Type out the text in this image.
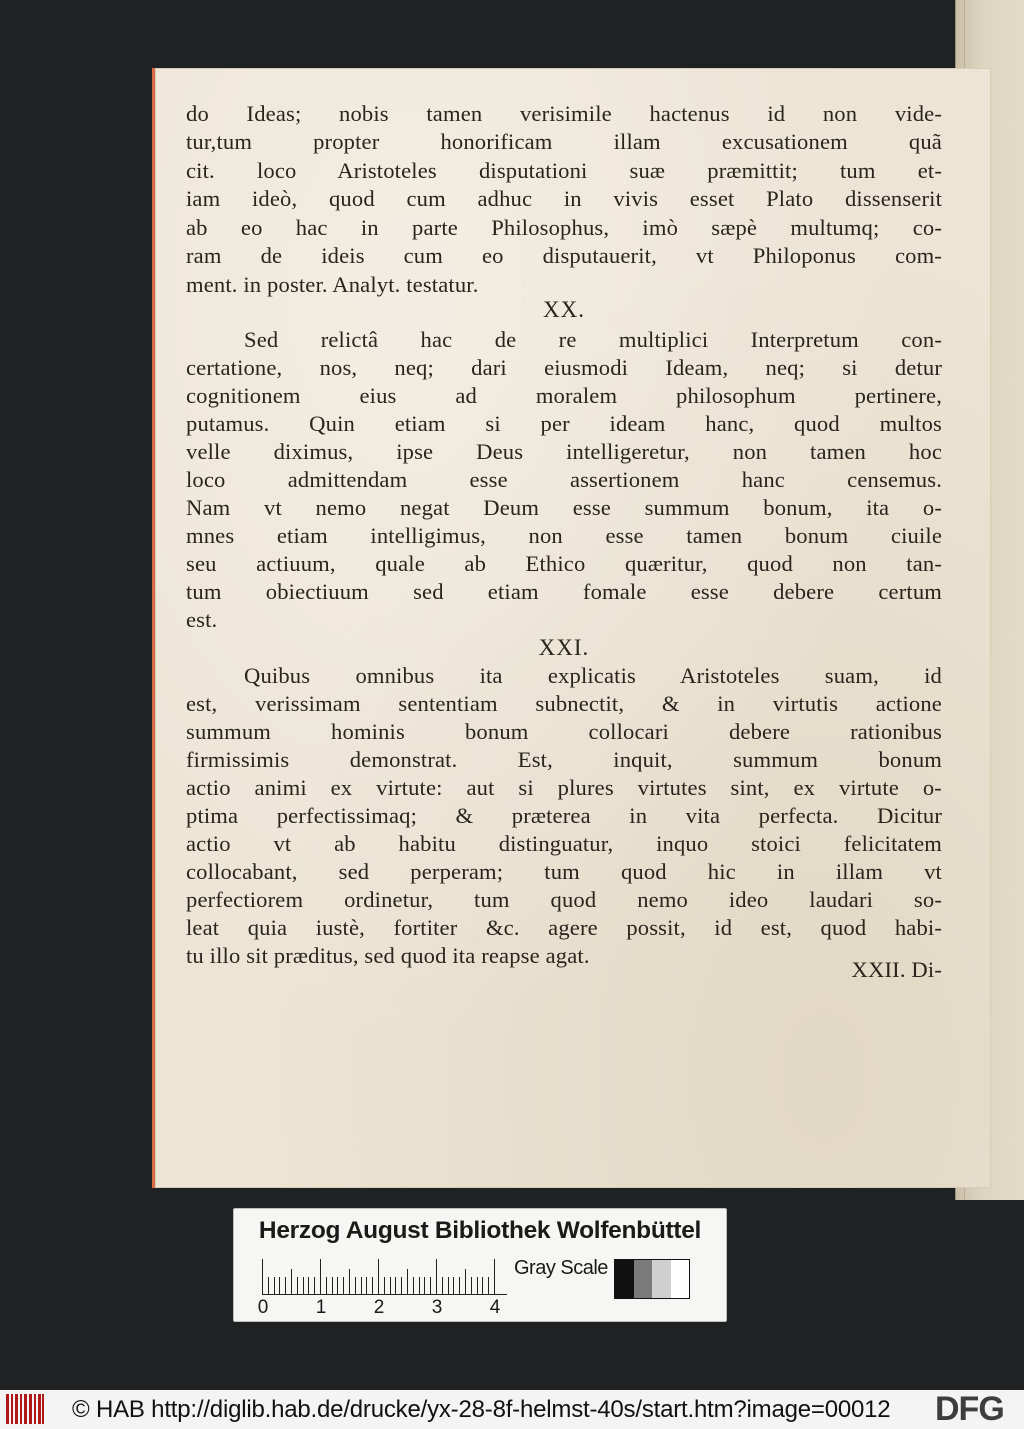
do Ideas; nobis tamen verisimile hactenus id non vide-
tur,tum propter honorificam illam excusationem quã
cit. loco Aristoteles disputationi suæ præmittit; tum et-
iam ideò, quod cum adhuc in vivis esset Plato dissenserit
ab eo hac in parte Philosophus, imò sæpè multumq; co-
ram de ideis cum eo disputauerit, vt Philoponus com-
ment. in poster. Analyt. testatur.
XX.
Sed relictâ hac de re multiplici Interpretum con-
certatione, nos, neq; dari eiusmodi Ideam, neq; si detur
cognitionem eius ad moralem philosophum pertinere,
putamus. Quin etiam si per ideam hanc, quod multos
velle diximus, ipse Deus intelligeretur, non tamen hoc
loco admittendam esse assertionem hanc censemus.
Nam vt nemo negat Deum esse summum bonum, ita o-
mnes etiam intelligimus, non esse tamen bonum ciuile
seu actiuum, quale ab Ethico quæritur, quod non tan-
tum obiectiuum sed etiam fomale esse debere certum
est.
XXI.
Quibus omnibus ita explicatis Aristoteles suam, id
est, verissimam sententiam subnectit, & in virtutis actione
summum hominis bonum collocari debere rationibus
firmissimis demonstrat. Est, inquit, summum bonum
actio animi ex virtute: aut si plures virtutes sint, ex virtute o-
ptima perfectissimaq; & præterea in vita perfecta. Dicitur
actio vt ab habitu distinguatur, inquo stoici felicitatem
collocabant, sed perperam; tum quod hic in illam vt
perfectiorem ordinetur, tum quod nemo ideo laudari so-
leat quia iustè, fortiter &c. agere possit, id est, quod habi-
tu illo sit præditus, sed quod ita reapse agat.
XXII. Di-
Herzog August Bibliothek Wolfenbüttel
0 1 2 3 4
Gray Scale
© HAB http://diglib.hab.de/drucke/yx-28-8f-helmst-40s/start.htm?image=00012 DFG
